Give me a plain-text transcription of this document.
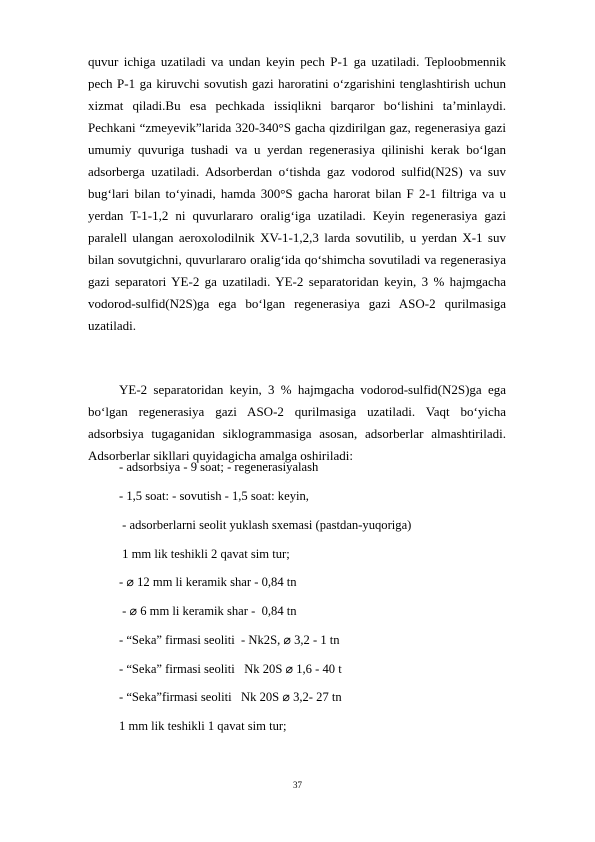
quvur ichiga uzatiladi va undan keyin pech P-1 ga uzatiladi. Teploobmennik pech P-1 ga kiruvchi sovutish gazi haroratini o‘zgarishini tenglashtirish uchun xizmat qiladi.Bu esa pechkada issiqlikni barqaror bo‘lishini ta’minlaydi. Pechkani “zmeyevik”larida 320-340°S gacha qizdirilgan gaz, regenerasiya gazi umumiy quvuriga tushadi va u yerdan regenerasiya qilinishi kerak bo‘lgan adsorberga uzatiladi. Adsorberdan o‘tishda gaz vodorod sulfid(N2S) va suv bug‘lari bilan to‘yinadi, hamda 300°S gacha harorat bilan F 2-1 filtriga va u yerdan T-1-1,2 ni quvurlararo oralig‘iga uzatiladi. Keyin regenerasiya gazi paralell ulangan aeroxolodilnik XV-1-1,2,3 larda sovutilib, u yerdan X-1 suv bilan sovutgichni, quvurlararo oralig‘ida qo‘shimcha sovutiladi va regenerasiya gazi separatori YE-2 ga uzatiladi. YE-2 separatoridan keyin, 3 % hajmgacha vodorod-sulfid(N2S)ga ega bo‘lgan regenerasiya gazi ASO-2 qurilmasiga uzatiladi.

YE-2 separatoridan keyin, 3 % hajmgacha vodorod-sulfid(N2S)ga ega bo‘lgan regenerasiya gazi ASO-2 qurilmasiga uzatiladi. Vaqt bo‘yicha adsorbsiya tugaganidan siklogrammasiga asosan, adsorberlar almashtiriladi. Adsorberlar sikllari quyidagicha amalga oshiriladi:

- adsorbsiya - 9 soat; - regenerasiyalash
- 1,5 soat: - sovutish - 1,5 soat: keyin,
- adsorberlarni seolit yuklash sxemasi (pastdan-yuqoriga)
1 mm lik teshikli 2 qavat sim tur;
- ⌀ 12 mm li keramik shar - 0,84 tn
- ⌀ 6 mm li keramik shar -  0,84 tn
- “Seka” firmasi seoliti  - Nk2S, ⌀ 3,2 - 1 tn
- “Seka” firmasi seoliti   Nk 20S ⌀ 1,6 - 40 t
- “Seka”firmasi seoliti   Nk 20S ⌀ 3,2- 27 tn
1 mm lik teshikli 1 qavat sim tur;
37
